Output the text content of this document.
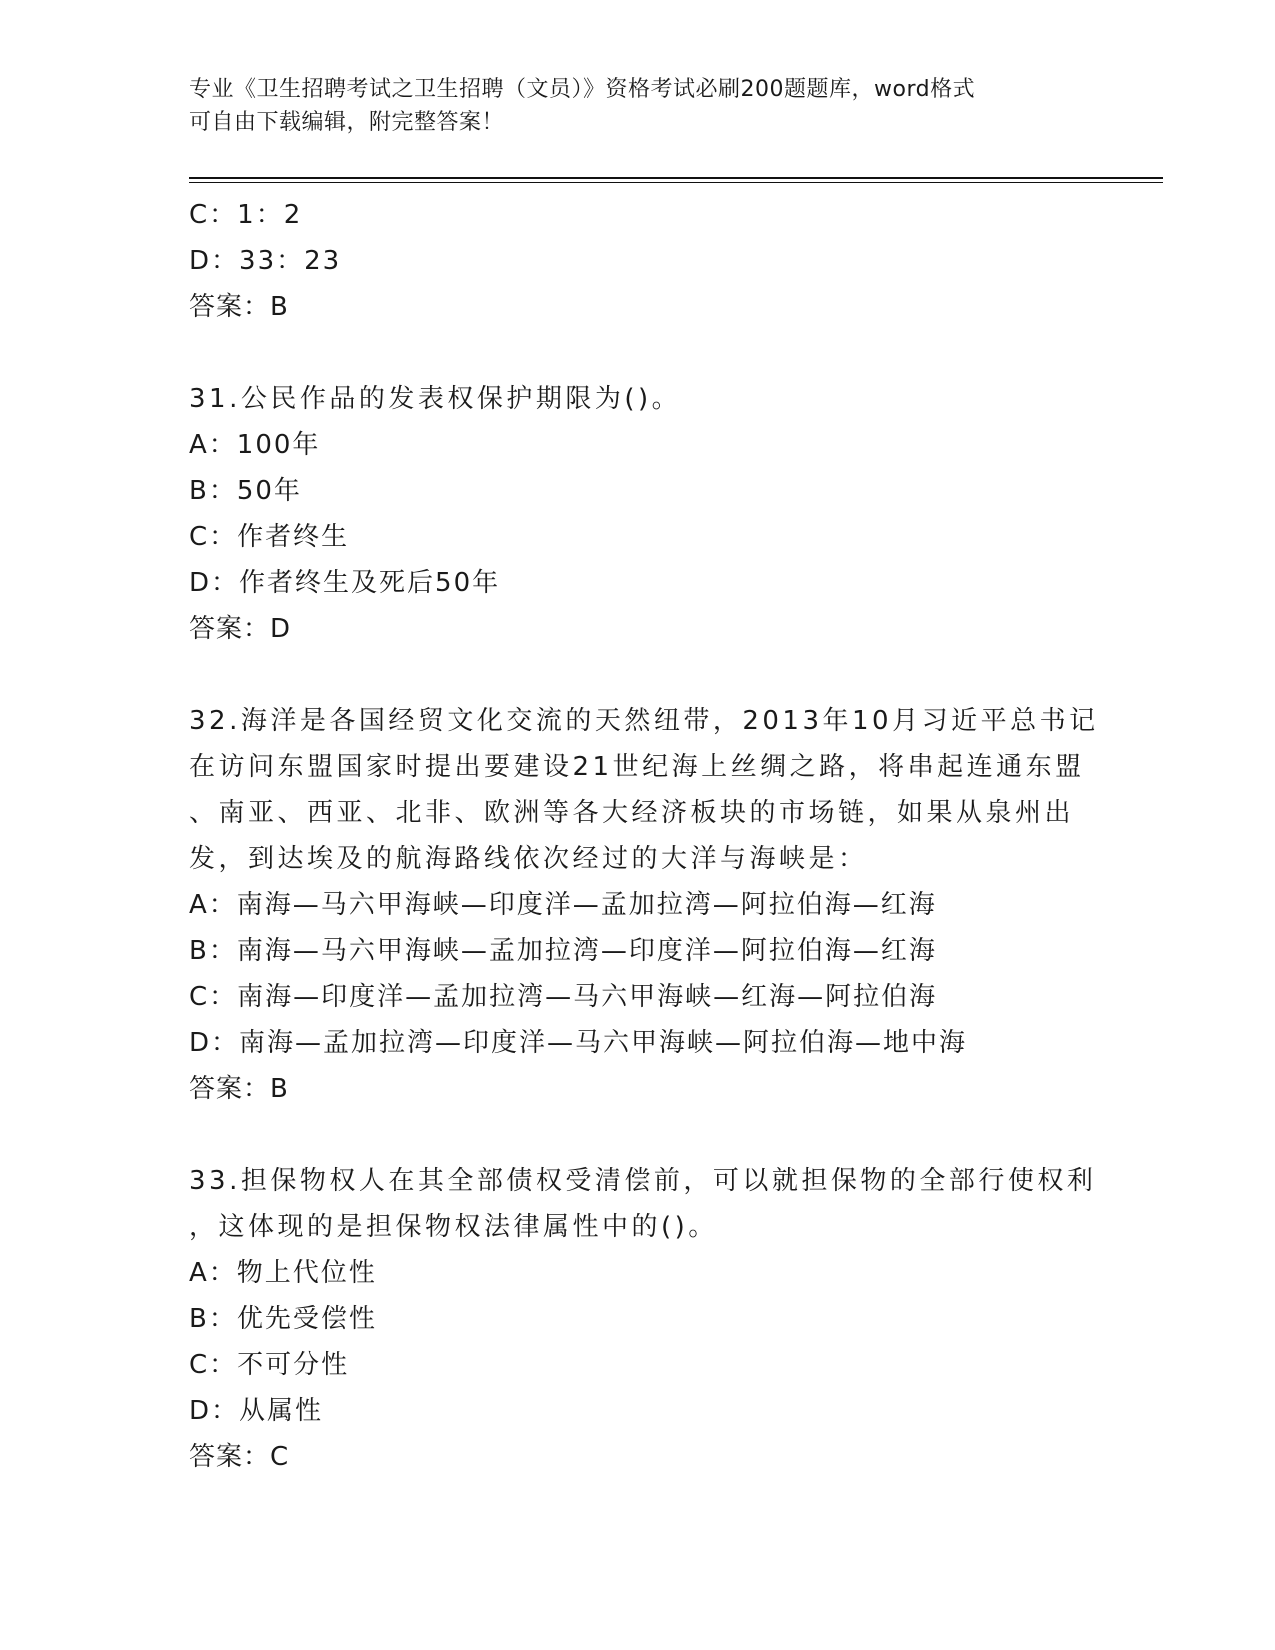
专业《卫生招聘考试之卫生招聘（文员）》资格考试必刷200题题库，word格式
可自由下载编辑，附完整答案！
C：1：2
D：33：23
答案：B
31.公民作品的发表权保护期限为()。
A：100年
B：50年
C：作者终生
D：作者终生及死后50年
答案：D
32.海洋是各国经贸文化交流的天然纽带，2013年10月习近平总书记
在访问东盟国家时提出要建设21世纪海上丝绸之路，将串起连通东盟
、南亚、西亚、北非、欧洲等各大经济板块的市场链，如果从泉州出
发，到达埃及的航海路线依次经过的大洋与海峡是：
A：南海—马六甲海峡—印度洋—孟加拉湾—阿拉伯海—红海
B：南海—马六甲海峡—孟加拉湾—印度洋—阿拉伯海—红海
C：南海—印度洋—孟加拉湾—马六甲海峡—红海—阿拉伯海
D：南海—孟加拉湾—印度洋—马六甲海峡—阿拉伯海—地中海
答案：B
33.担保物权人在其全部债权受清偿前，可以就担保物的全部行使权利
，这体现的是担保物权法律属性中的()。
A：物上代位性
B：优先受偿性
C：不可分性
D：从属性
答案：C
